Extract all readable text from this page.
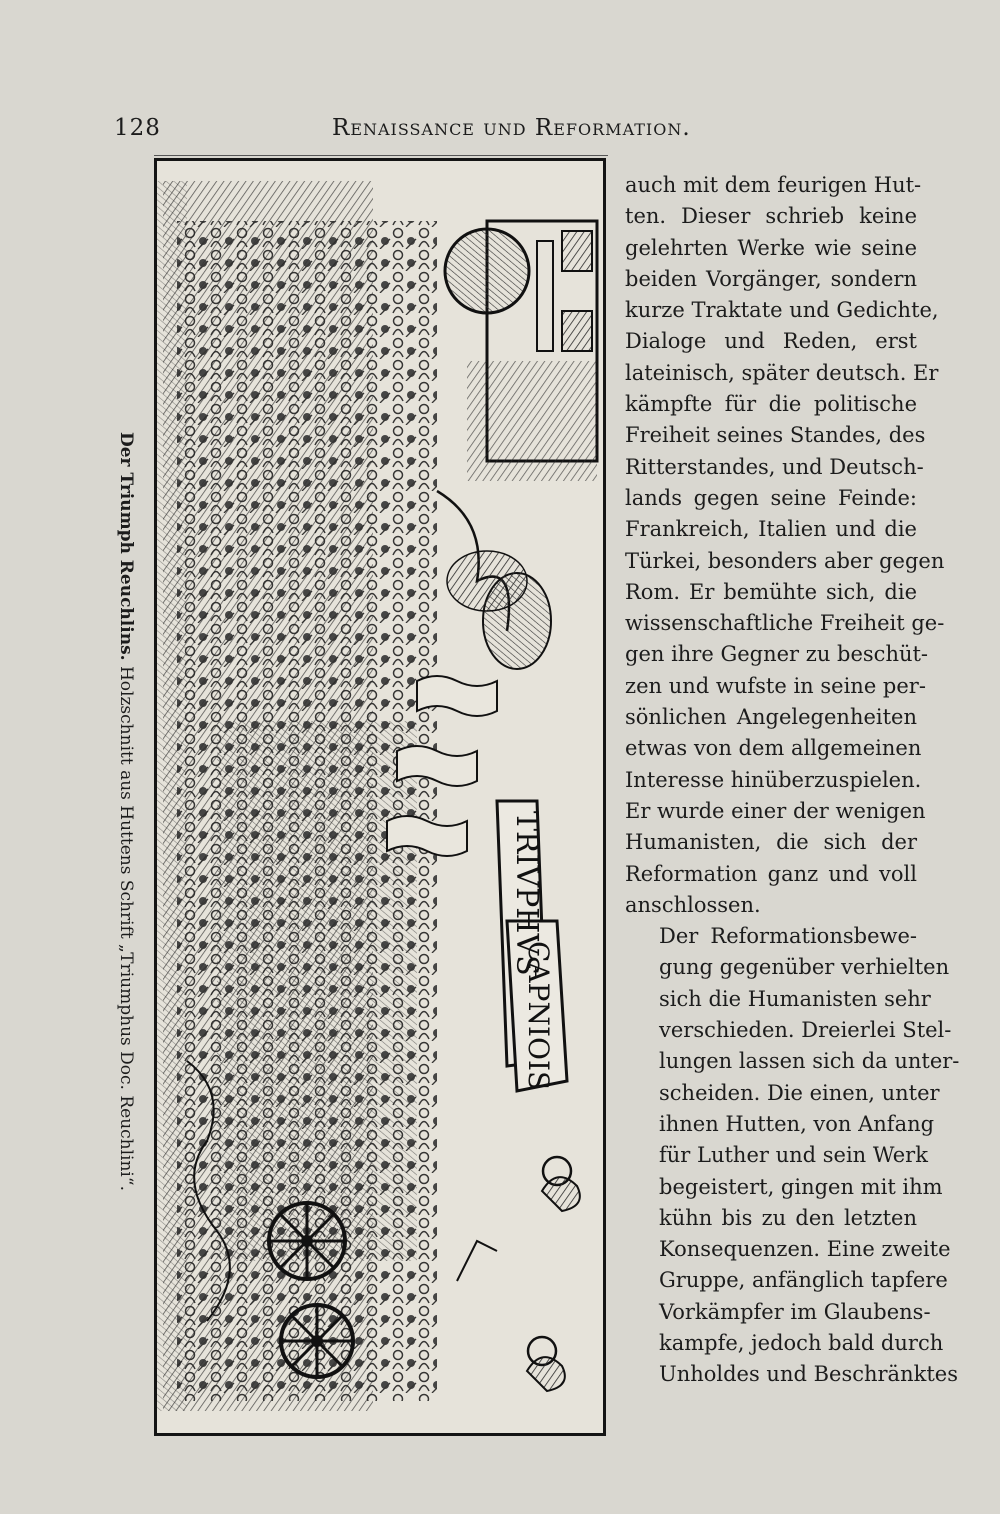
128	Renaissance und Reformation.
Der Triumph Reuchlins. Holzschnitt aus Huttens Schrift „Triumphus Doc. Reuchlini“.	TRIVPHVS
CAPNIOIS

auch mit dem feurigen Hut-
ten. Dieser schrieb keine
gelehrten Werke wie seine
beiden Vorgänger, sondern
kurze Traktate und Gedichte,
Dialoge und Reden, erst
lateinisch, später deutsch. Er
kämpfte für die politische
Freiheit seines Standes, des
Ritterstandes, und Deutsch-
lands gegen seine Feinde:
Frankreich, Italien und die
Türkei, besonders aber gegen
Rom. Er bemühte sich, die
wissenschaftliche Freiheit ge-
gen ihre Gegner zu beschüt-
zen und wufste in seine per-
sönlichen Angelegenheiten
etwas von dem allgemeinen
Interesse hinüberzuspielen.
Er wurde einer der wenigen
Humanisten, die sich der
Reformation ganz und voll
anschlossen.

Der Reformationsbewe-
gung gegenüber verhielten
sich die Humanisten sehr
verschieden. Dreierlei Stel-
lungen lassen sich da unter-
scheiden. Die einen, unter
ihnen Hutten, von Anfang
für Luther und sein Werk
begeistert, gingen mit ihm
kühn bis zu den letzten
Konsequenzen. Eine zweite
Gruppe, anfänglich tapfere
Vorkämpfer im Glaubens-
kampfe, jedoch bald durch
Unholdes und Beschränktes
